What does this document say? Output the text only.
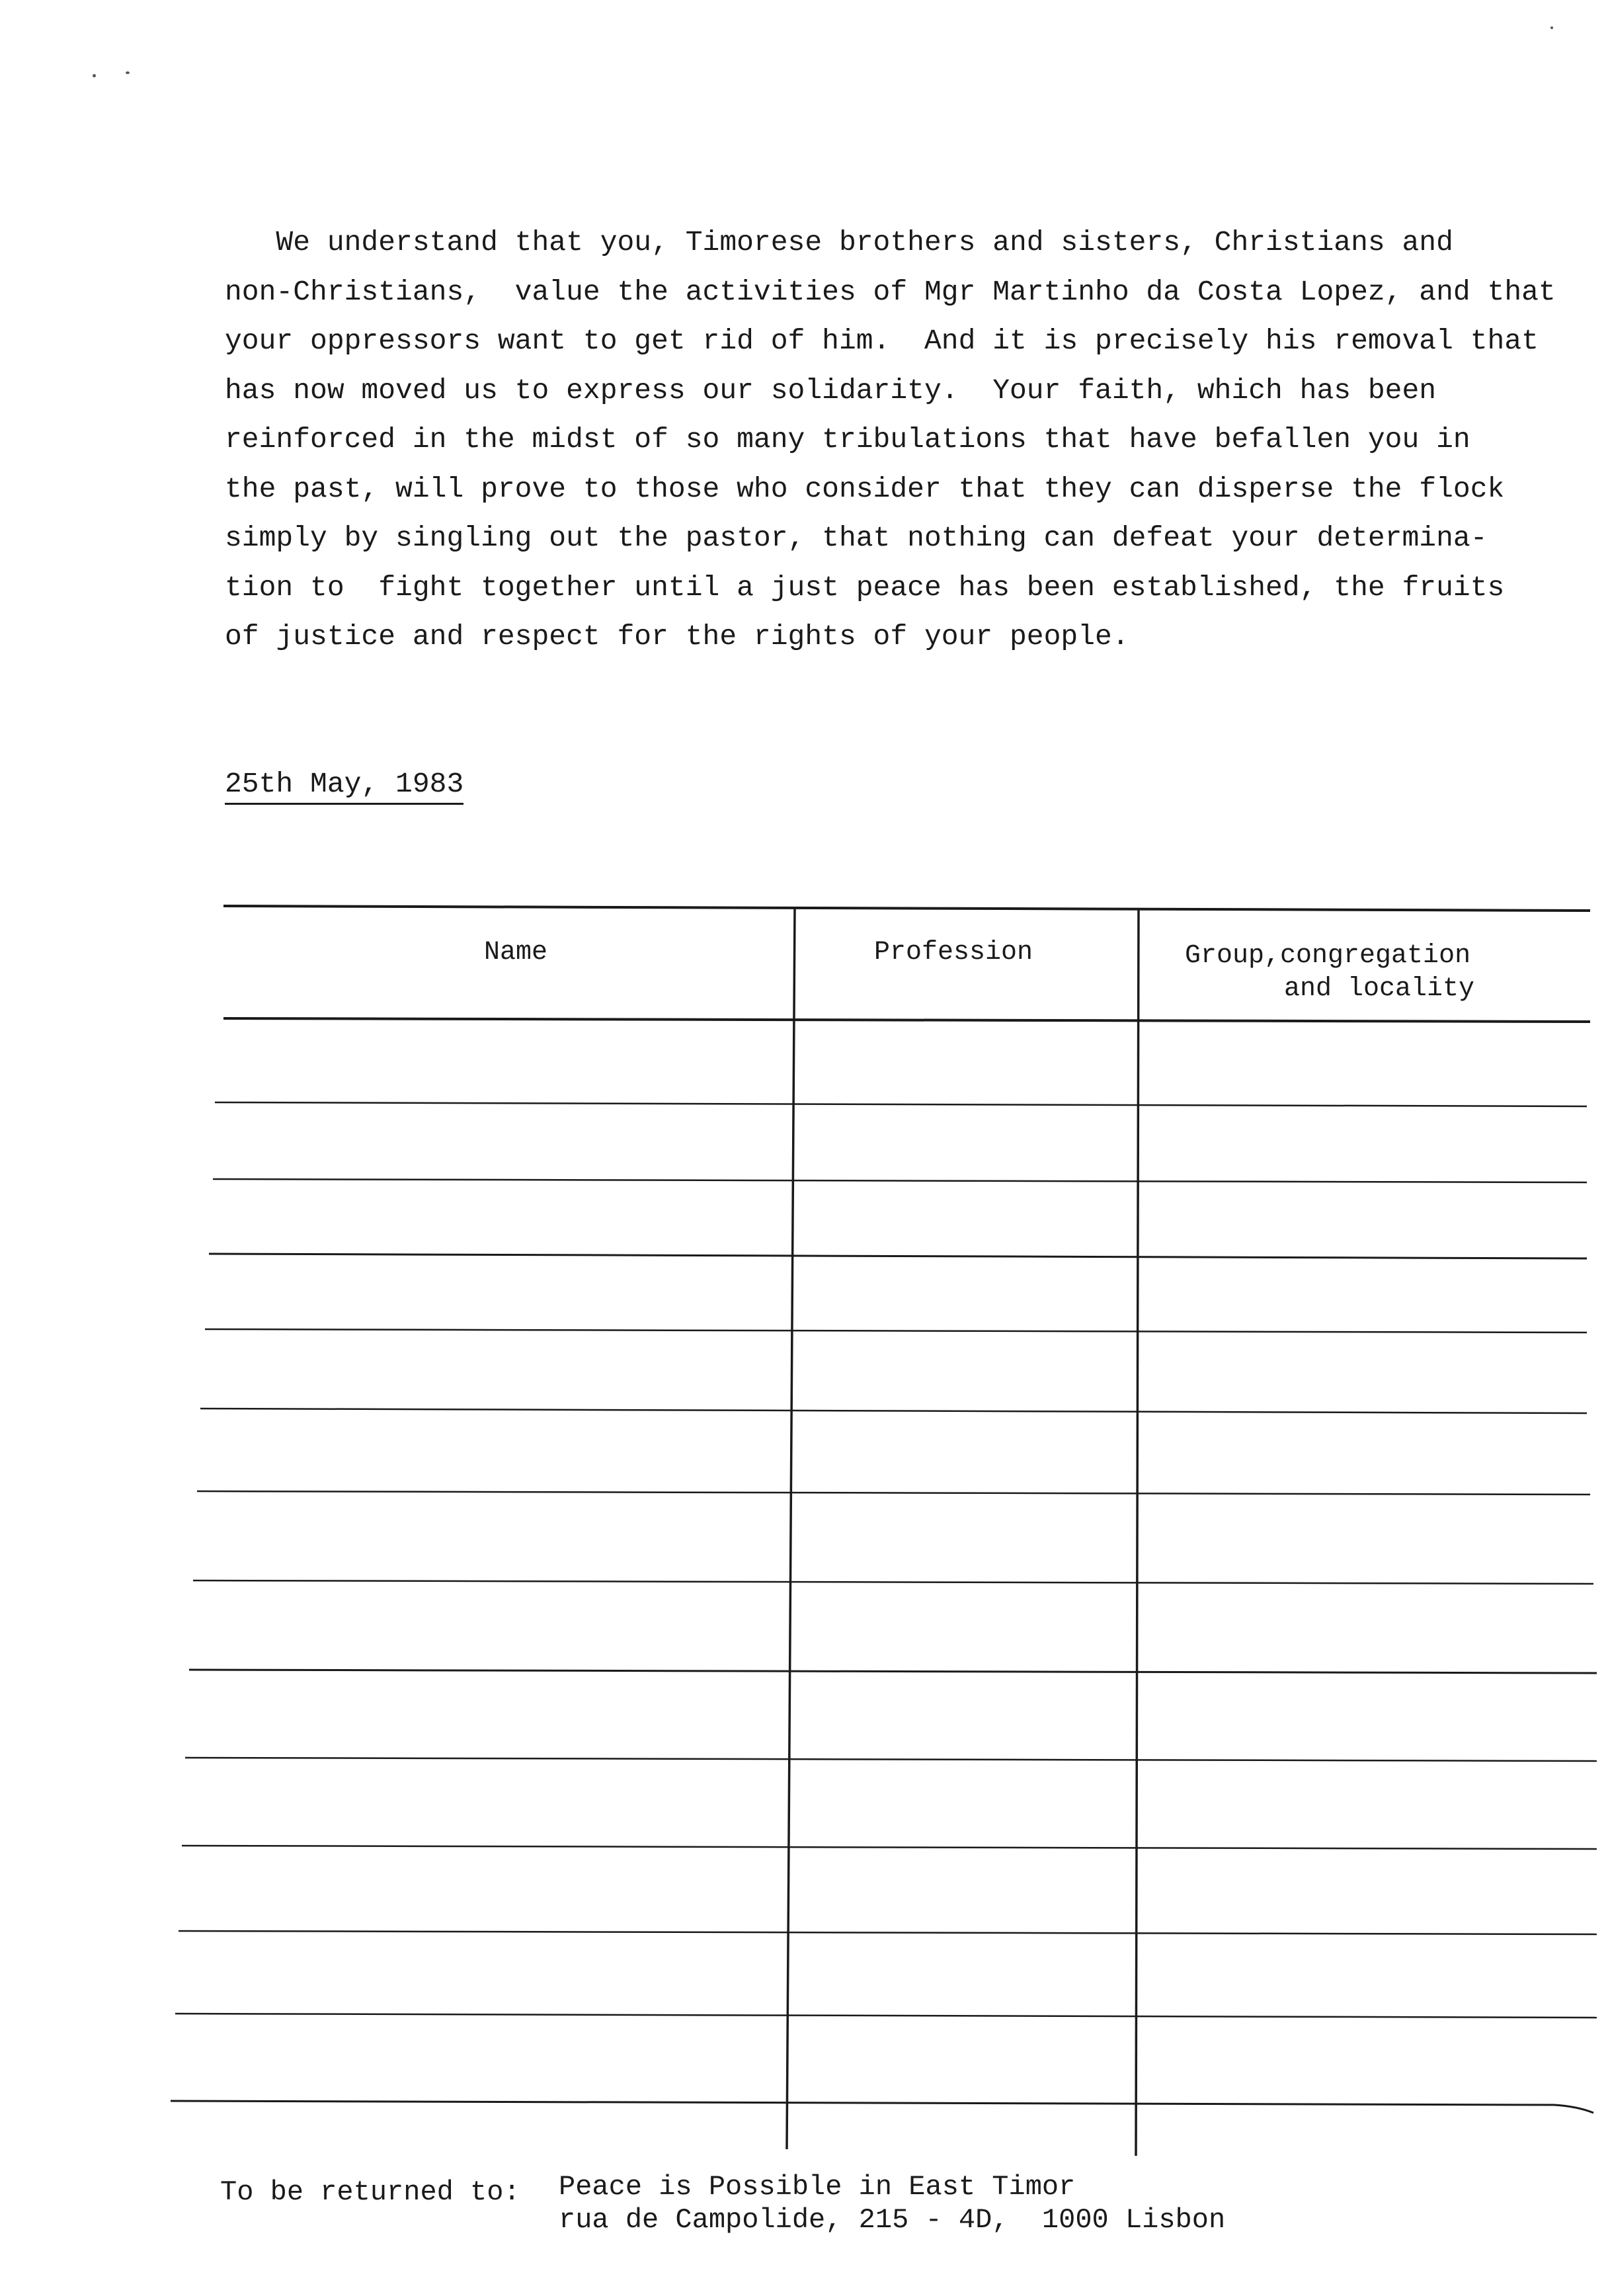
We understand that you, Timorese brothers and sisters, Christians and
non-Christians,  value the activities of Mgr Martinho da Costa Lopez, and that
your oppressors want to get rid of him.  And it is precisely his removal that
has now moved us to express our solidarity.  Your faith, which has been
reinforced in the midst of so many tribulations that have befallen you in
the past, will prove to those who consider that they can disperse the flock
simply by singling out the pastor, that nothing can defeat your determina-
tion to  fight together until a just peace has been established, the fruits
of justice and respect for the rights of your people.
25th May, 1983
Name	Profession	Group,congregation
and locality
To be returned to: Peace is Possible in East Timor
rua de Campolide, 215 - 4D,  1000 Lisbon
